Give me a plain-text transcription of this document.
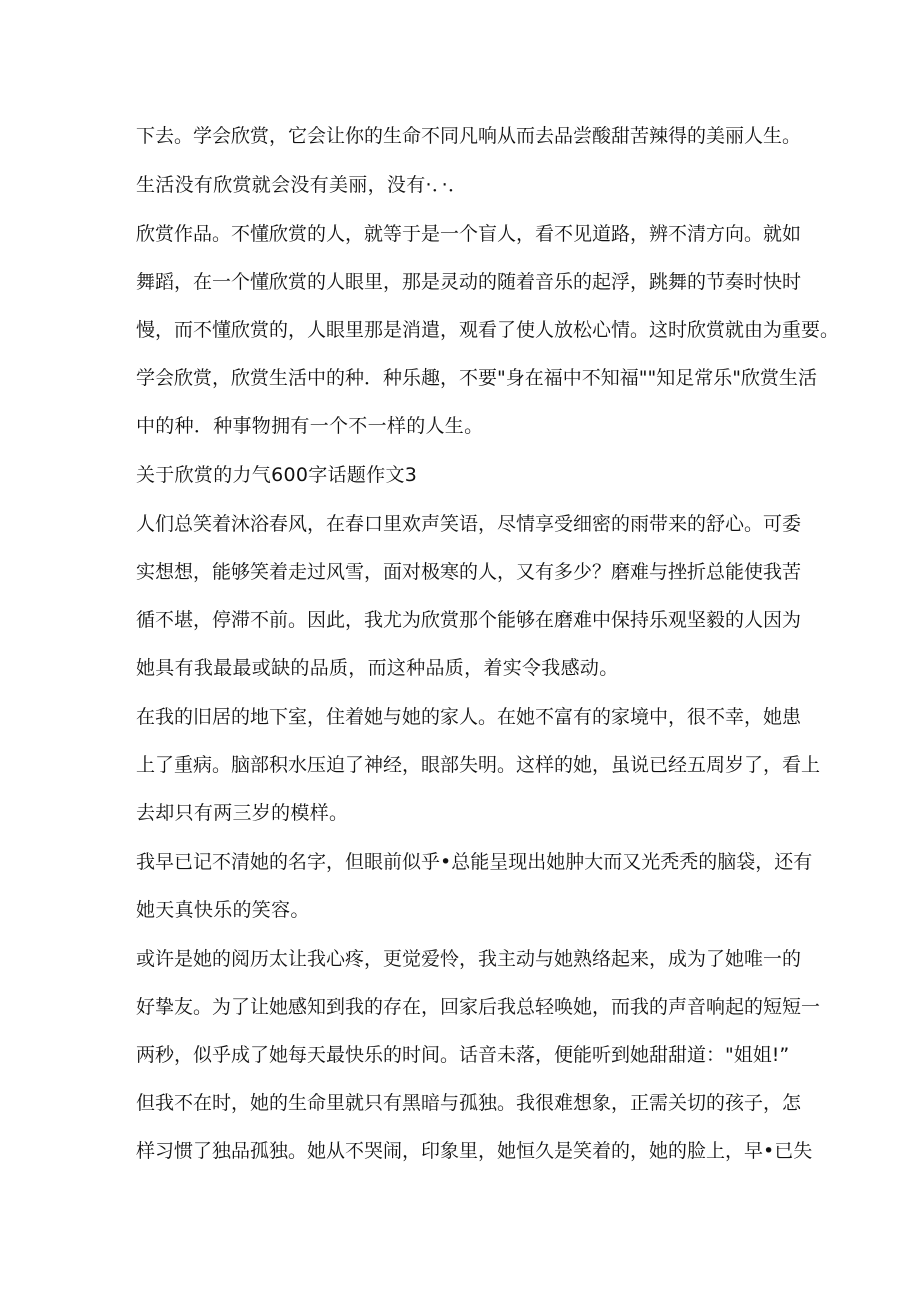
下去。学会欣赏，它会让你的生命不同凡响从而去品尝酸甜苦辣得的美丽人生。
生活没有欣赏就会没有美丽，没有·．·．
欣赏作品。不懂欣赏的人，就等于是一个盲人，看不见道路，辨不清方向。就如
舞蹈，在一个懂欣赏的人眼里，那是灵动的随着音乐的起浮，跳舞的节奏时快时
慢，而不懂欣赏的，人眼里那是消遣，观看了使人放松心情。这时欣赏就由为重要。
学会欣赏，欣赏生活中的种．种乐趣，不要"身在福中不知福""知足常乐"欣赏生活
中的种．种事物拥有一个不一样的人生。
关于欣赏的力气600字话题作文3
人们总笑着沐浴春风，在春口里欢声笑语，尽情享受细密的雨带来的舒心。可委
实想想，能够笑着走过风雪，面对极寒的人，又有多少？磨难与挫折总能使我苦
循不堪，停滞不前。因此，我尤为欣赏那个能够在磨难中保持乐观坚毅的人因为
她具有我最最或缺的品质，而这种品质，着实令我感动。
在我的旧居的地下室，住着她与她的家人。在她不富有的家境中，很不幸，她患
上了重病。脑部积水压迫了神经，眼部失明。这样的她，虽说已经五周岁了，看上
去却只有两三岁的模样。
我早已记不清她的名字，但眼前似乎•总能呈现出她肿大而又光秃秃的脑袋，还有
她天真快乐的笑容。
或许是她的阅历太让我心疼，更觉爱怜，我主动与她熟络起来，成为了她唯一的
好挚友。为了让她感知到我的存在，回家后我总轻唤她，而我的声音响起的短短一
两秒，似乎成了她每天最快乐的时间。话音未落，便能听到她甜甜道："姐姐!”
但我不在时，她的生命里就只有黑暗与孤独。我很难想象，正需关切的孩子，怎
样习惯了独品孤独。她从不哭闹，印象里，她恒久是笑着的，她的脸上，早•已失
